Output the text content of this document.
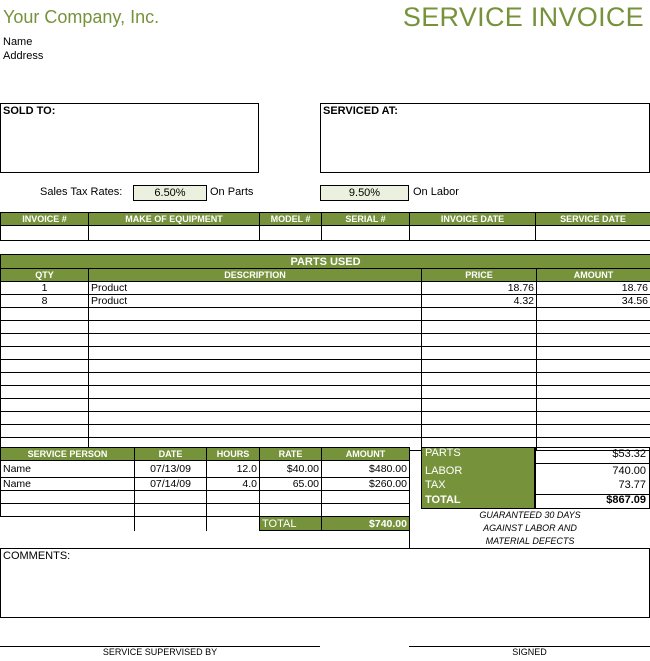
Your Company, Inc.	SERVICE INVOICE
Name
Address
SOLD TO:	SERVICED AT:
Sales Tax Rates:	6.50%	On Parts	9.50%	On Labor
INVOICE #	MAKE OF EQUIPMENT	MODEL #	SERIAL #	INVOICE DATE	SERVICE DATE

PARTS USED			
QTY	DESCRIPTION	PRICE	AMOUNT
1	Product	18.76	18.76
8	Product	4.32	34.56

SERVICE PERSON	DATE	HOURS	RATE	AMOUNT
Name	07/13/09	12.0	$40.00	$480.00
Name	07/14/09	4.0	65.00	$260.00

			TOTAL	$740.00
PARTS	$53.32
LABOR	740.00
TAX	73.77
TOTAL	$867.09
GUARANTEED 30 DAYS
AGAINST LABOR AND
MATERIAL DEFECTS
COMMENTS:
SERVICE SUPERVISED BY	SIGNED
